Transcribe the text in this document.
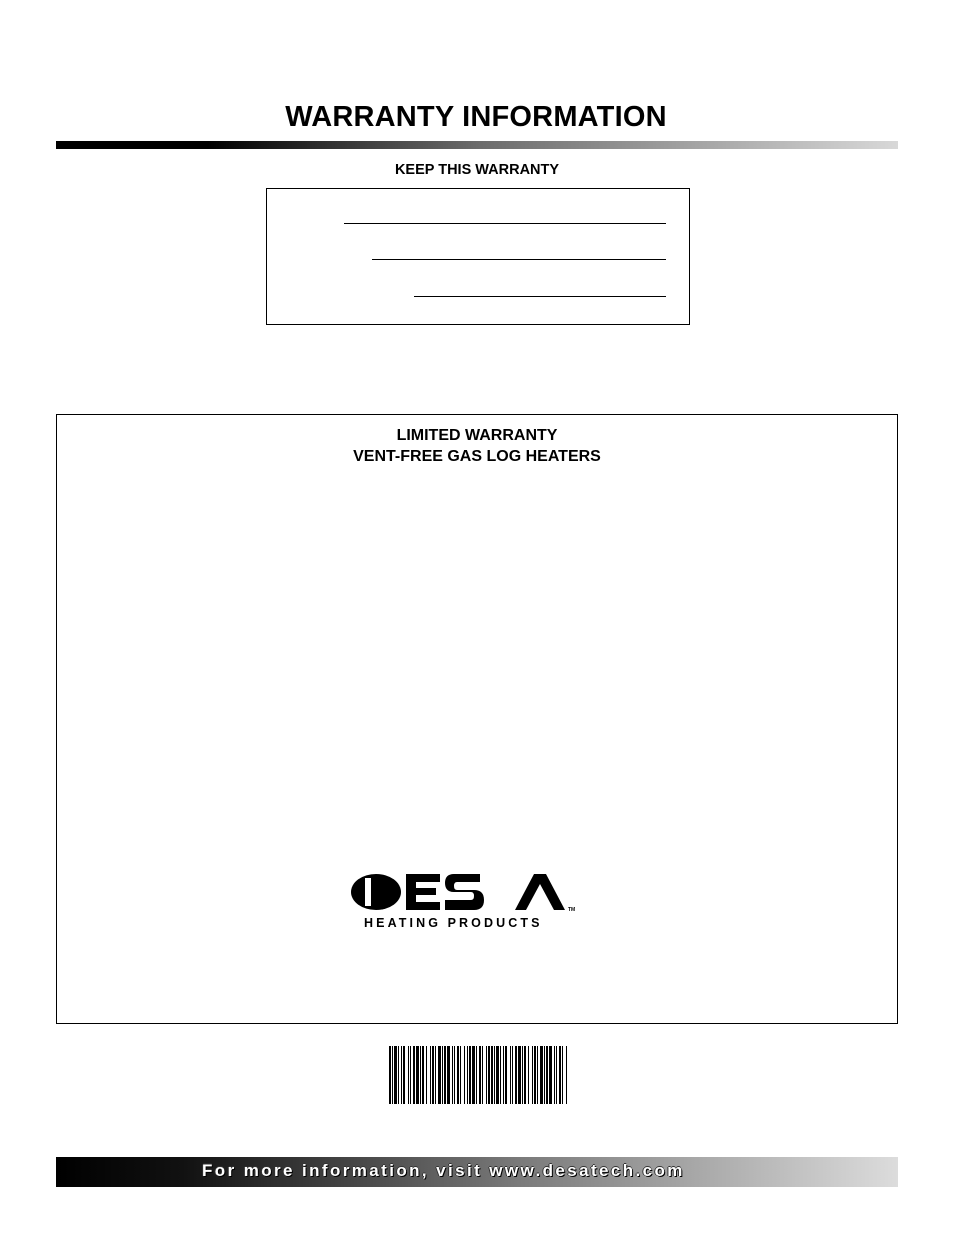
WARRANTY INFORMATION
KEEP THIS WARRANTY
LIMITED WARRANTY
VENT-FREE GAS LOG HEATERS
TM
HEATING PRODUCTS
For more information, visit www.desatech.com
